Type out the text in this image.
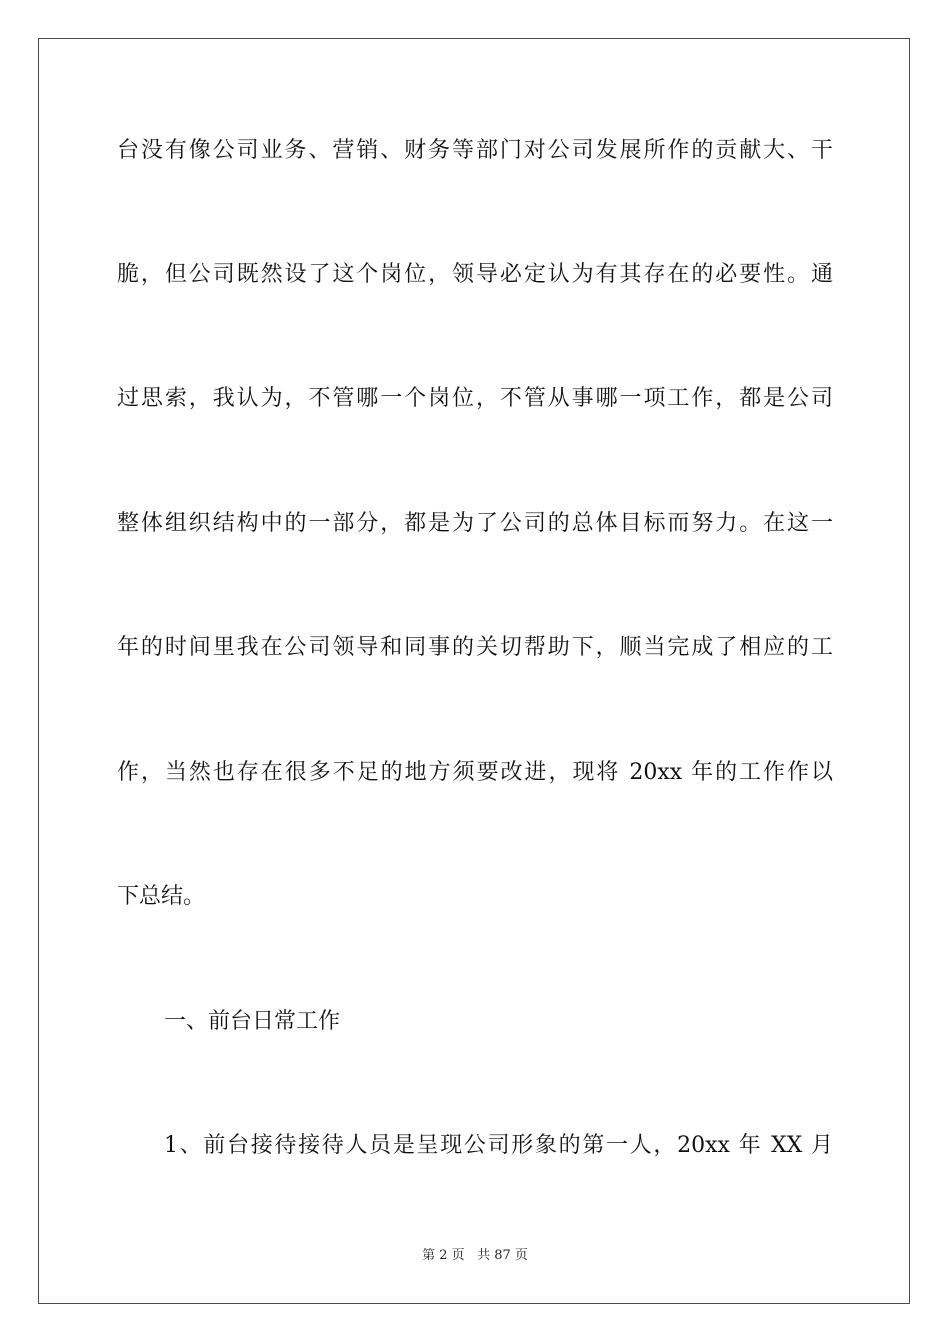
台没有像公司业务、营销、财务等部门对公司发展所作的贡献大、干
脆，但公司既然设了这个岗位，领导必定认为有其存在的必要性。通
过思索，我认为，不管哪一个岗位，不管从事哪一项工作，都是公司
整体组织结构中的一部分，都是为了公司的总体目标而努力。在这一
年的时间里我在公司领导和同事的关切帮助下，顺当完成了相应的工
作，当然也存在很多不足的地方须要改进，现将 20xx 年的工作作以
下总结。
一、前台日常工作
1、前台接待接待人员是呈现公司形象的第一人，20xx 年 XX 月
第 2 页 共 87 页
